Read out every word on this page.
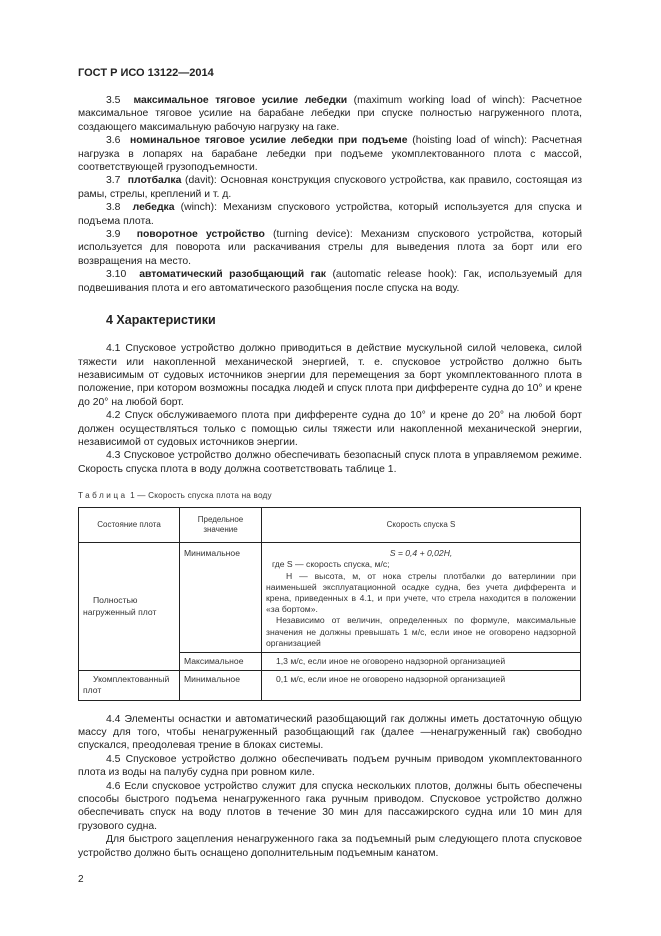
ГОСТ Р ИСО 13122—2014

3.5 максимальное тяговое усилие лебедки (maximum working load of winch): Расчетное максимальное тяговое усилие на барабане лебедки при спуске полностью нагруженного плота, создающего максимальную рабочую нагрузку на гаке.

3.6 номинальное тяговое усилие лебедки при подъеме (hoisting load of winch): Расчетная нагрузка в лопарях на барабане лебедки при подъеме укомплектованного плота с массой, соответствующей грузоподъемности.

3.7 плотбалка (davit): Основная конструкция спускового устройства, как правило, состоящая из рамы, стрелы, креплений и т. д.

3.8 лебедка (winch): Механизм спускового устройства, который используется для спуска и подъема плота.

3.9 поворотное устройство (turning device): Механизм спускового устройства, который используется для поворота или раскачивания стрелы для выведения плота за борт или его возвращения на место.

3.10 автоматический разобщающий гак (automatic release hook): Гак, используемый для подвешивания плота и его автоматического разобщения после спуска на воду.

4 Характеристики

4.1 Спусковое устройство должно приводиться в действие мускульной силой человека, силой тяжести или накопленной механической энергией, т. е. спусковое устройство должно быть независимым от судовых источников энергии для перемещения за борт укомплектованного плота в положение, при котором возможны посадка людей и спуск плота при дифференте судна до 10° и крене до 20° на любой борт.

4.2 Спуск обслуживаемого плота при дифференте судна до 10° и крене до 20° на любой борт должен осуществляться только с помощью силы тяжести или накопленной механической энергии, независимой от судовых источников энергии.

4.3 Спусковое устройство должно обеспечивать безопасный спуск плота в управляемом режиме. Скорость спуска плота в воду должна соответствовать таблице 1.

Таблица 1 — Скорость спуска плота на воду
Состояние плота	Предельное значение	Скорость спуска S
Полностью нагруженный плот	Минимальное	S = 0,4 + 0,02H,
где S — скорость спуска, м/с;
H — высота, м, от нока стрелы плотбалки до ватерлинии при наименьшей эксплуатационной осадке судна, без учета дифферента и крена, приведенных в 4.1, и при учете, что стрела находится в положении «за бортом».
Независимо от величин, определенных по формуле, максимальные значения не должны превышать 1 м/с, если иное не оговорено надзорной организацией

	Максимальное	1,3 м/с, если иное не оговорено надзорной организацией
Укомплектованный плот	Минимальное	0,1 м/с, если иное не оговорено надзорной организацией

4.4 Элементы оснастки и автоматический разобщающий гак должны иметь достаточную общую массу для того, чтобы ненагруженный разобщающий гак (далее —ненагруженный гак) свободно спускался, преодолевая трение в блоках системы.

4.5 Спусковое устройство должно обеспечивать подъем ручным приводом укомплектованного плота из воды на палубу судна при ровном киле.

4.6 Если спусковое устройство служит для спуска нескольких плотов, должны быть обеспечены способы быстрого подъема ненагруженного гака ручным приводом. Спусковое устройство должно обеспечивать спуск на воду плотов в течение 30 мин для пассажирского судна или 10 мин для грузового судна.

Для быстрого зацепления ненагруженного гака за подъемный рым следующего плота спусковое устройство должно быть оснащено дополнительным подъемным канатом.

2
